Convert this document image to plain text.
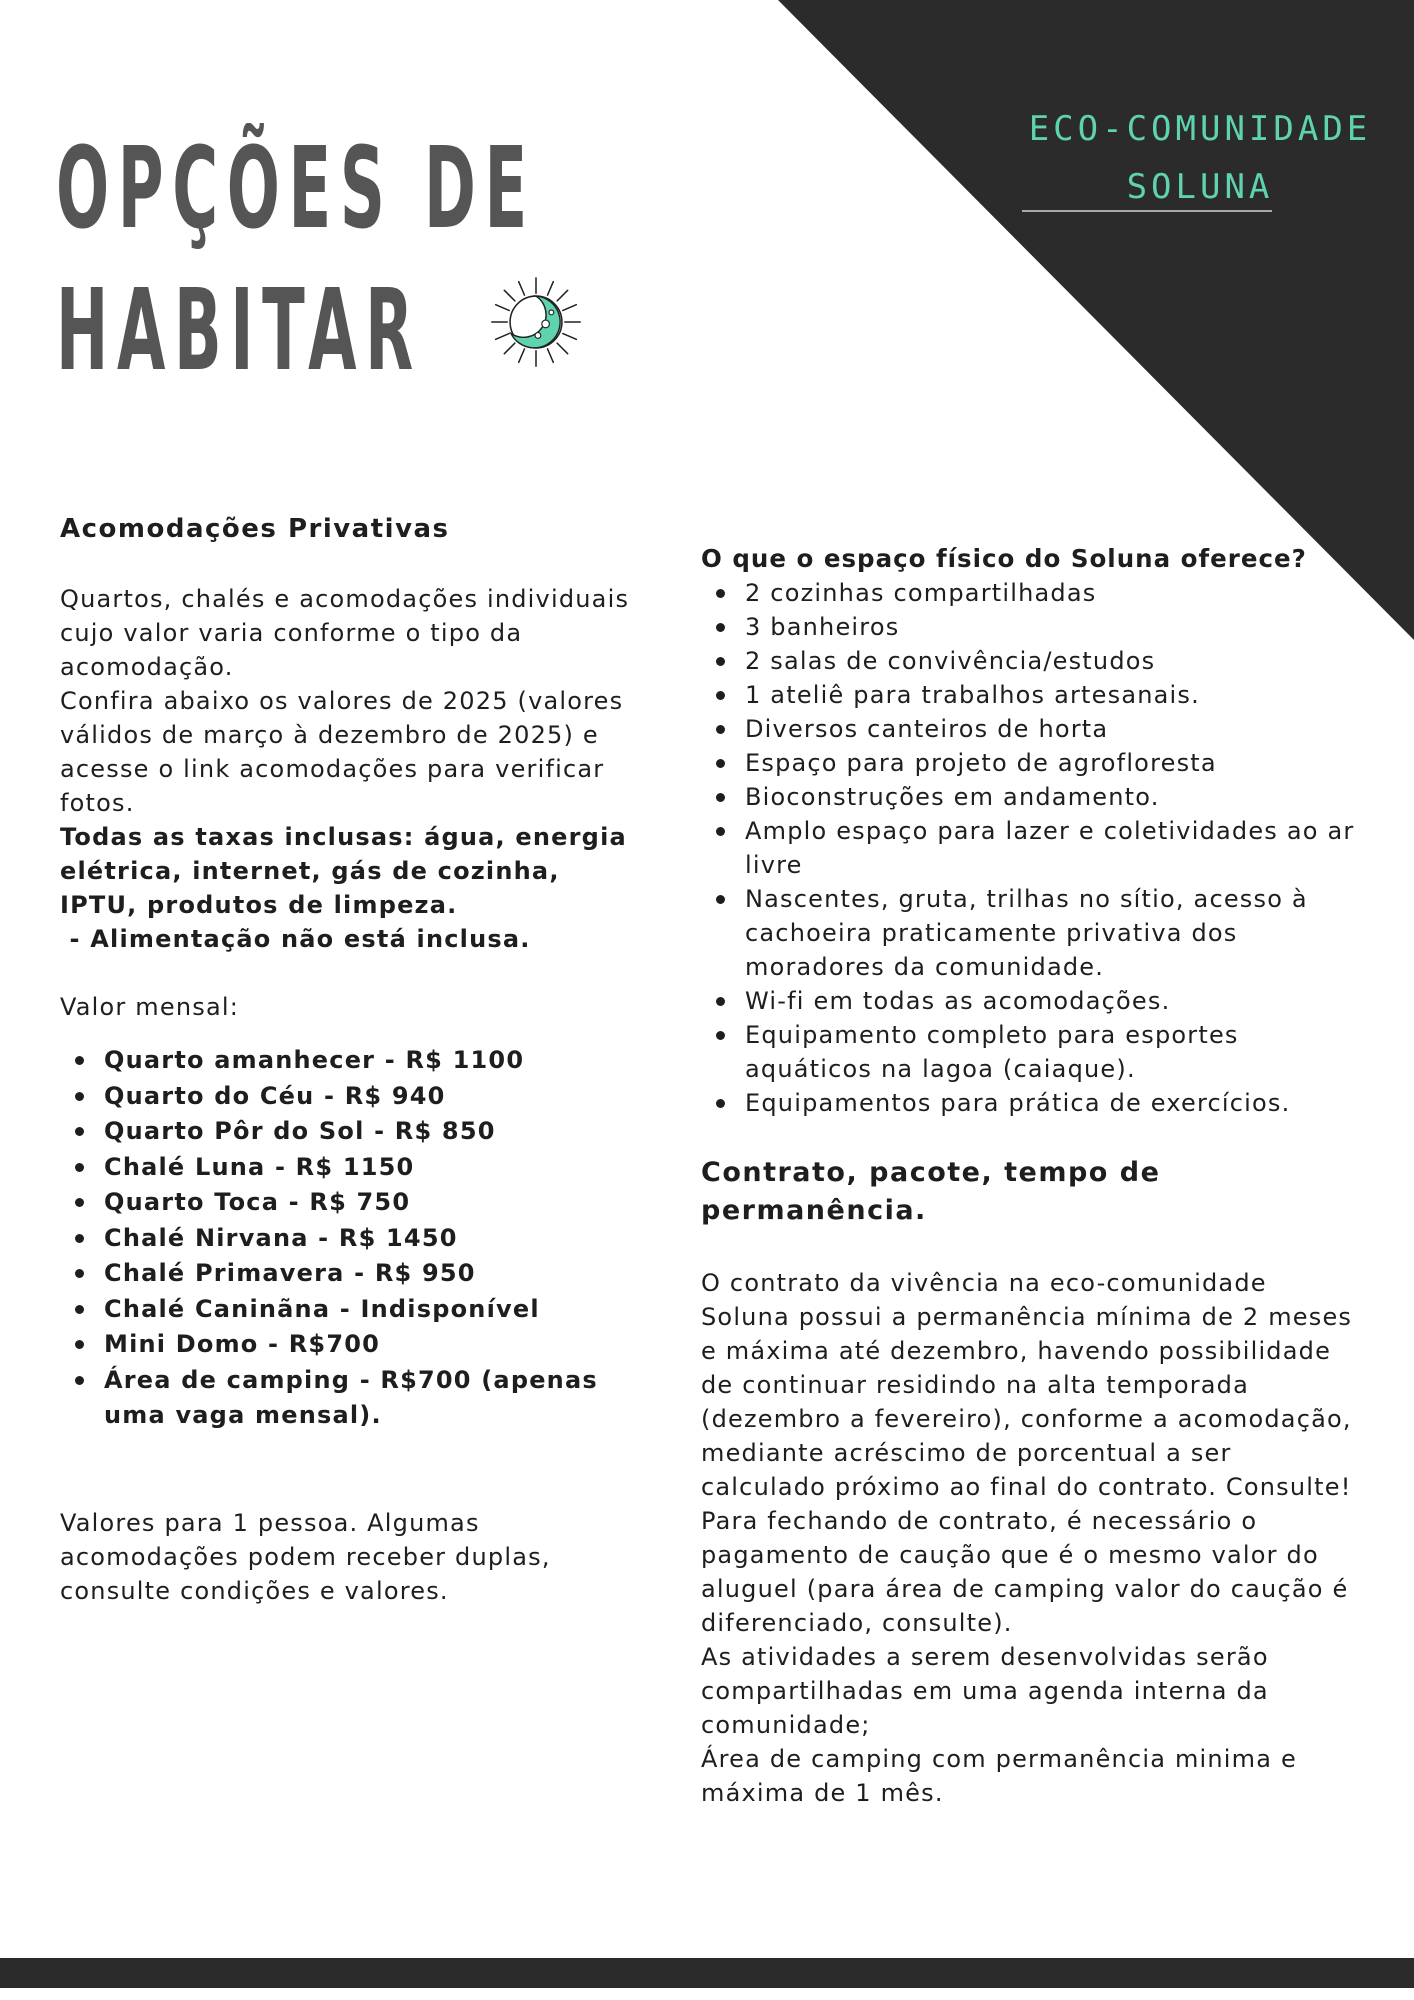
ECO-COMUNIDADE
SOLUNA
OPÇÕES DE
HABITAR
Acomodações Privativas

Quartos, chalés e acomodações individuais cujo valor varia conforme o tipo da acomodação.

Confira abaixo os valores de 2025 (valores válidos de março à dezembro de 2025) e acesse o link acomodações para verificar fotos.

Todas as taxas inclusas: água, energia elétrica, internet, gás de cozinha, IPTU, produtos de limpeza.

- Alimentação não está inclusa.

Valor mensal:

Quarto amanhecer - R$ 1100
Quarto do Céu - R$ 940
Quarto Pôr do Sol - R$ 850
Chalé Luna - R$ 1150
Quarto Toca - R$ 750
Chalé Nirvana - R$ 1450
Chalé Primavera - R$ 950
Chalé Caninãna - Indisponível
Mini Domo - R$700
Área de camping - R$700 (apenas uma vaga mensal).

Valores para 1 pessoa. Algumas acomodações podem receber duplas, consulte condições e valores.

O que o espaço físico do Soluna oferece?
2 cozinhas compartilhadas
3 banheiros
2 salas de convivência/estudos
1 ateliê para trabalhos artesanais.
Diversos canteiros de horta
Espaço para projeto de agrofloresta
Bioconstruções em andamento.
Amplo espaço para lazer e coletividades ao ar livre
Nascentes, gruta, trilhas no sítio, acesso à cachoeira praticamente privativa dos moradores da comunidade.
Wi-fi em todas as acomodações.
Equipamento completo para esportes aquáticos na lagoa (caiaque).
Equipamentos para prática de exercícios.
Contrato, pacote, tempo de permanência.

O contrato da vivência na eco-comunidade Soluna possui a permanência mínima de 2 meses e máxima até dezembro, havendo possibilidade de continuar residindo na alta temporada (dezembro a fevereiro), conforme a acomodação, mediante acréscimo de porcentual a ser calculado próximo ao final do contrato. Consulte!

Para fechando de contrato, é necessário o pagamento de caução que é o mesmo valor do aluguel (para área de camping valor do caução é diferenciado, consulte).

As atividades a serem desenvolvidas serão compartilhadas em uma agenda interna da comunidade;

Área de camping com permanência minima e máxima de 1 mês.
